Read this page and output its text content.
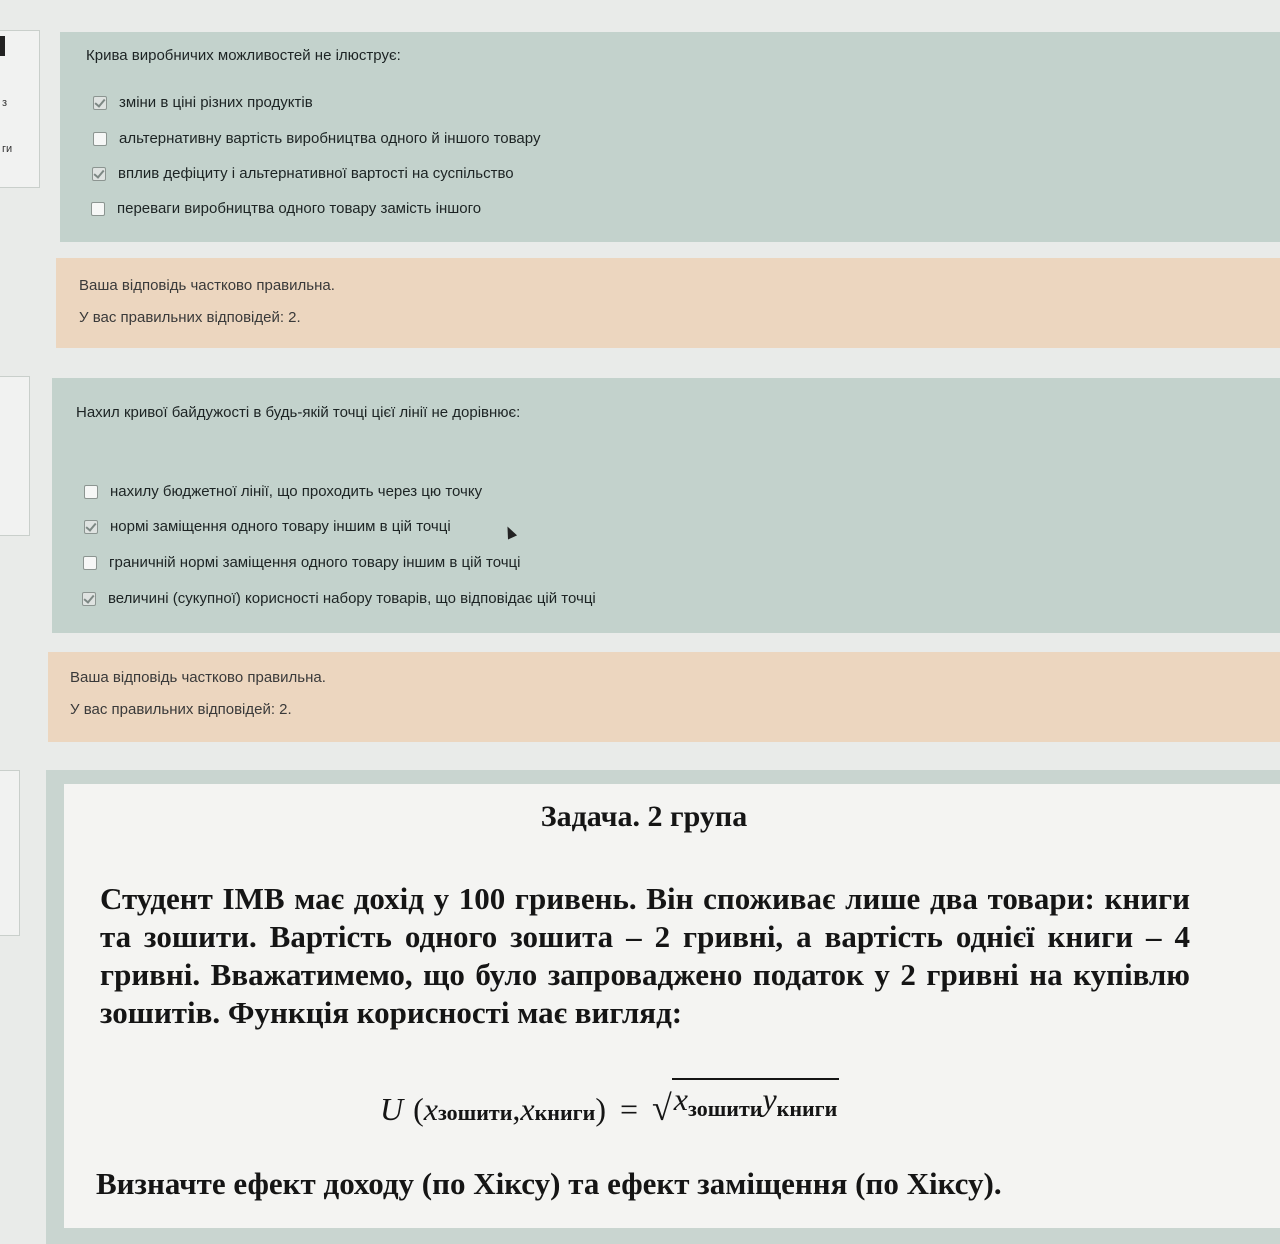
з
ги
Крива виробничих можливостей не ілюструє:
зміни в ціні різних продуктів
альтернативну вартість виробництва одного й іншого товару
вплив дефіциту і альтернативної вартості на суспільство
переваги виробництва одного товару замість іншого
Ваша відповідь частково правильна.
У вас правильних відповідей: 2.
Нахил кривої байдужості в будь-якій точці цієї лінії не дорівнює:
нахилу бюджетної лінії, що проходить через цю точку
нормі заміщення одного товару іншим в цій точці
граничній нормі заміщення одного товару іншим в цій точці
величині (сукупної) корисності набору товарів, що відповідає цій точці
Ваша відповідь частково правильна.
У вас правильних відповідей: 2.
Задача. 2 група
Студент ІМВ має дохід у 100 гривень. Він споживає лише два товари: книги та зошити. Вартість одного зошита – 2 гривні, а вартість однієї книги – 4 гривні. Вважатимемо, що було запроваджено податок у 2 гривні на купівлю зошитів. Функція корисності має вигляд:
U ( x зошити , x книги ) = √ $x_{зошити}y_{книги}$
Визначте ефект доходу (по Хіксу) та ефект заміщення (по Хіксу).
